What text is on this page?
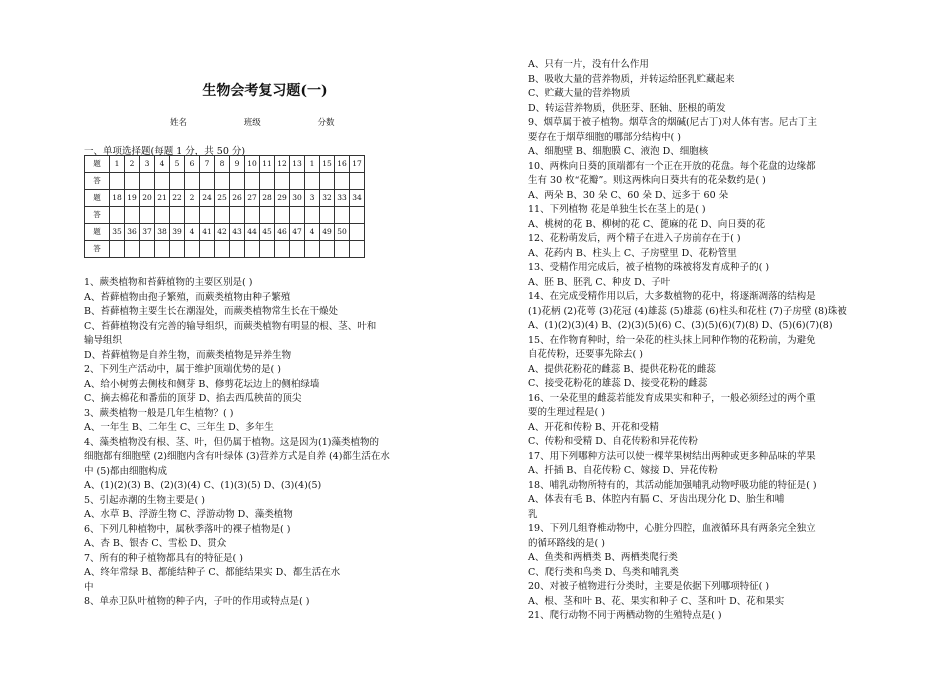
生物会考复习题(一)
姓名	班级	分数
一、单项选择题(每题 1 分，共 50 分)
题	1	2	3	4	5	6	7	8	9	10	11	12	13	1	15	16	17
答																	
题	18	19	20	21	22	2	24	25	26	27	28	29	30	3	32	33	34
答																	
题	35	36	37	38	39	4	41	42	43	44	45	46	47	4	49	50	
答																	
1、蕨类植物和苔藓植物的主要区别是( )
A、苔藓植物由孢子繁殖，而蕨类植物由种子繁殖
B、苔藓植物主要生长在潮湿处，而蕨类植物常生长在干燥处
C、苔藓植物没有完善的输导组织，而蕨类植物有明显的根、茎、叶和
输导组织
D、苔藓植物是自养生物，而蕨类植物是异养生物
2、下列生产活动中，属于维护顶端优势的是( )
A、给小树剪去侧枝和侧芽 B、修剪花坛边上的侧柏绿墙
C、摘去棉花和番茄的顶芽 D、掐去西瓜秧苗的顶尖
3、蕨类植物一般是几年生植物？( )
A、一年生 B、二年生 C、三年生 D、多年生
4、藻类植物没有根、茎、叶，但仍属于植物。这是因为(1)藻类植物的
细胞都有细胞壁 (2)细胞内含有叶绿体 (3)营养方式是自养 (4)都生活在水
中 (5)都由细胞构成
A、(1)(2)(3) B、(2)(3)(4) C、(1)(3)(5) D、(3)(4)(5)
5、引起赤潮的生物主要是( )
A、水草 B、浮游生物 C、浮游动物 D、藻类植物
6、下列几种植物中，属秋季落叶的裸子植物是( )
A、杏 B、银杏 C、雪松 D、贯众
7、所有的种子植物都具有的特征是( )
A、终年常绿 B、都能结种子 C、都能结果实 D、都生活在水
中
8、单赤卫队叶植物的种子内，子叶的作用或特点是( )
A、只有一片，没有什么作用
B、吸收大量的营养物质，并转运给胚乳贮藏起来
C、贮藏大量的营养物质
D、转运营养物质，供胚芽、胚轴、胚根的萌发
9、烟草属于被子植物。烟草含的烟碱(尼古丁)对人体有害。尼古丁主
要存在于烟草细胞的哪部分结构中( )
A、细胞壁 B、细胞膜 C、液泡 D、细胞核
10、两株向日葵的顶端都有一个正在开放的花盘。每个花盘的边缘都
生有 30 枚“花瓣”。则这两株向日葵共有的花朵数约是( )
A、两朵 B、30 朵 C、60 朵 D、远多于 60 朵
11、下列植物 花是单独生长在茎上的是( )
A、桃树的花 B、柳树的花 C、蓖麻的花 D、向日葵的花
12、花粉萌发后，两个精子在进入子房前存在于( )
A、花药内 B、柱头上 C、子房壁里 D、花粉管里
13、受精作用完成后，被子植物的珠被将发育成种子的( )
A、胚 B、胚乳 C、种皮 D、子叶
14、在完成受精作用以后，大多数植物的花中，将逐渐凋落的结构是
(1)花柄 (2)花萼 (3)花冠 (4)雄蕊 (5)雄蕊 (6)柱头和花柱 (7)子房壁 (8)珠被
A、(1)(2)(3)(4) B、(2)(3)(5)(6) C、(3)(5)(6)(7)(8) D、(5)(6)(7)(8)
15、在作物育种时，给一朵花的柱头抹上同种作物的花粉前，为避免
自花传粉，还要事先除去( )
A、提供花粉花的雌蕊 B、提供花粉花的雌蕊
C、接受花粉花的雄蕊 D、接受花粉的雌蕊
16、一朵花里的雌蕊若能发育成果实和种子，一般必须经过的两个重
要的生理过程是( )
A、开花和传粉 B、开花和受精
C、传粉和受精 D、自花传粉和异花传粉
17、用下列哪种方法可以使一棵苹果树结出两种或更多种品味的苹果
A、扦插 B、自花传粉 C、嫁接 D、异花传粉
18、哺乳动物所特有的，其活动能加强哺乳动物呼吸功能的特征是( )
A、体表有毛 B、体腔内有膈 C、牙齿出现分化 D、胎生和哺
乳
19、下列几组脊椎动物中，心脏分四腔，血液循环具有两条完全独立
的循环路线的是( )
A、鱼类和两栖类 B、两栖类爬行类
C、爬行类和鸟类 D、鸟类和哺乳类
20、对被子植物进行分类时，主要是依据下列哪项特征( )
A、根、茎和叶 B、花、果实和种子 C、茎和叶 D、花和果实
21、爬行动物不同于两栖动物的生殖特点是( )
